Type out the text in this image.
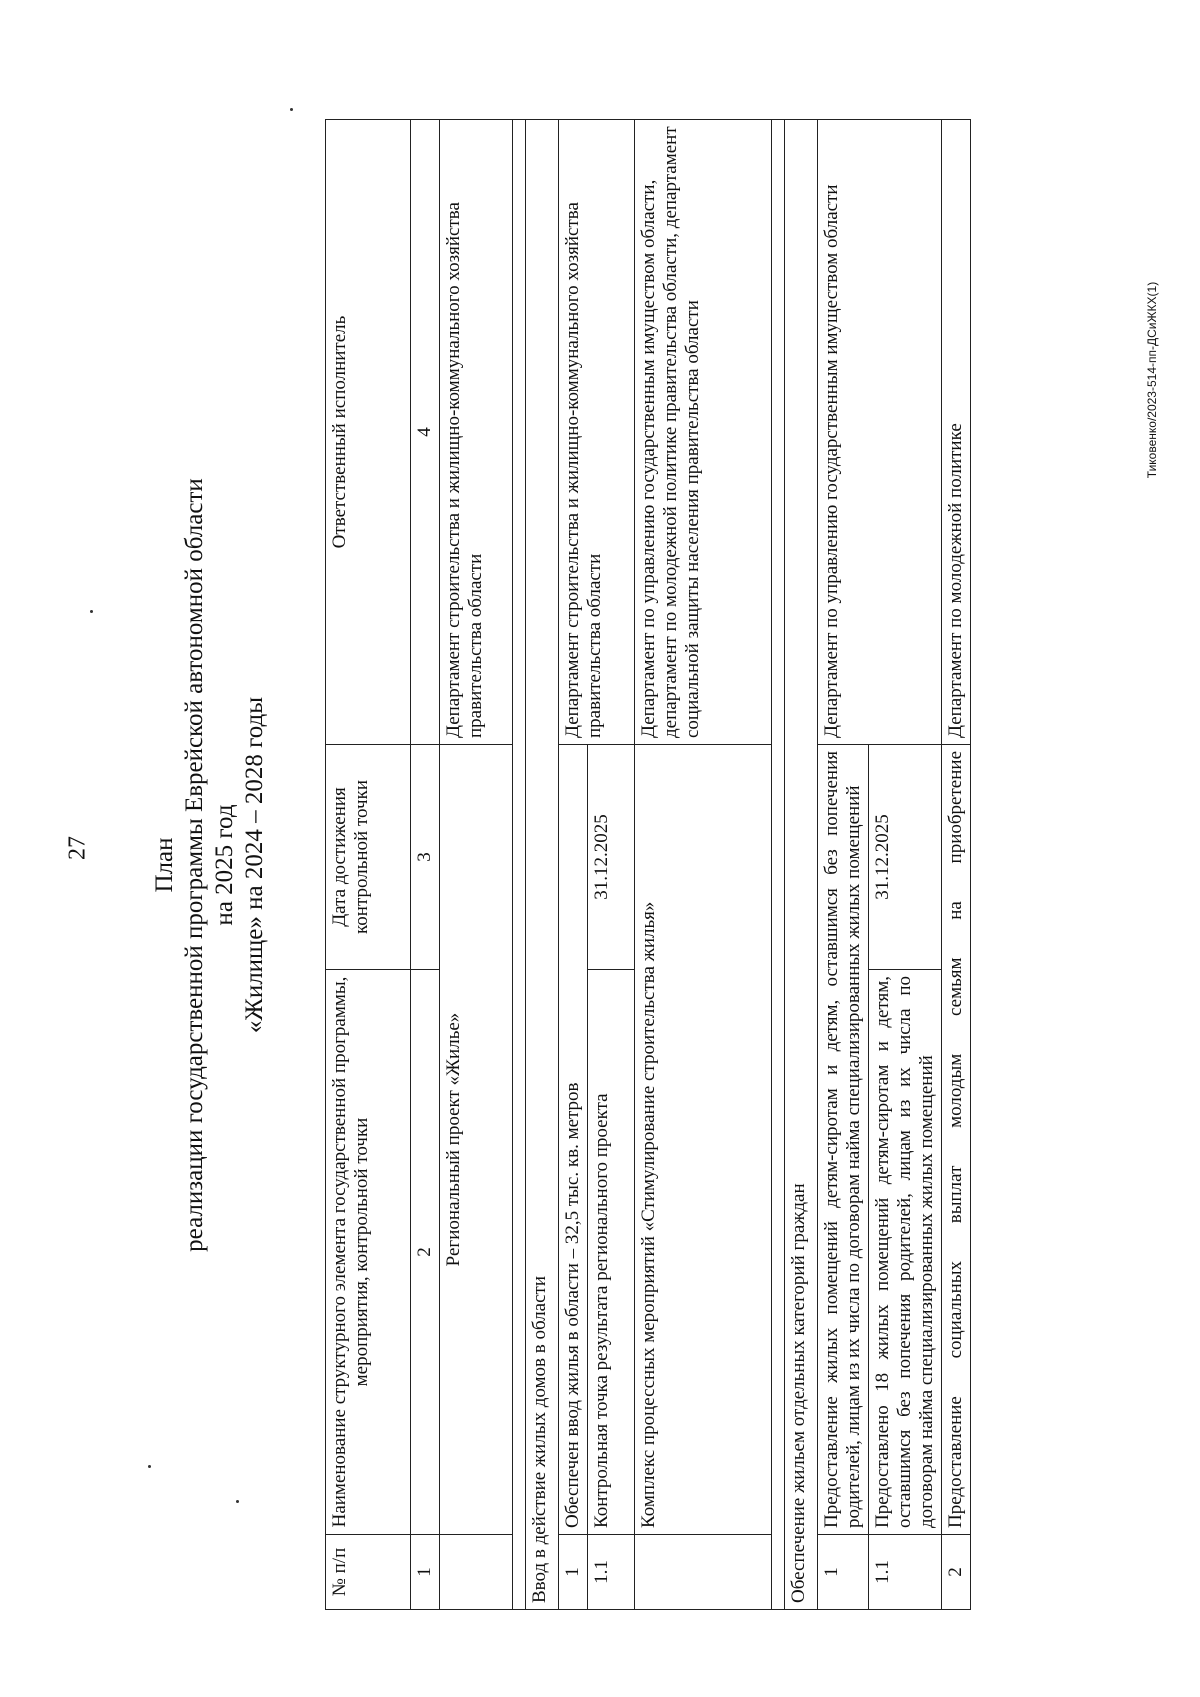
27
Тиковенко/2023-514-пп-ДСиЖКХ(1)
План реализации государственной программы Еврейской автономной области на 2025 год «Жилище» на 2024 – 2028 годы
№ п/п	Наименование структурного элемента государственной программы, мероприятия, контрольной точки	Дата достижения контрольной точки	Ответственный исполнитель
1	2	3	4
	Региональный проект «Жилье»		Департамент строительства и жилищно-коммунального хозяйства правительства области

Ввод в действие жилых домов в области			
1	Обеспечен ввод жилья в области – 32,5 тыс. кв. метров		Департамент строительства и жилищно-коммунального хозяйства правительства области
1.1	Контрольная точка результата регионального проекта	31.12.2025	
	Комплекс процессных мероприятий «Стимулирование строительства жилья»		Департамент по управлению государственным имуществом области, департамент по молодежной политике правительства области, департамент социальной защиты населения правительства области

Обеспечение жильем отдельных категорий граждан			
1	Предоставление жилых помещений детям-сиротам и детям, оставшимся без попечения родителей, лицам из их числа по договорам найма специализированных жилых помещений		Департамент по управлению государственным имуществом области
1.1	Предоставлено 18 жилых помещений детям-сиротам и детям, оставшимся без попечения родителей, лицам из их числа по договорам найма специализированных жилых помещений	31.12.2025	
2	Предоставление социальных выплат молодым семьям на приобретение		Департамент по молодежной политике
